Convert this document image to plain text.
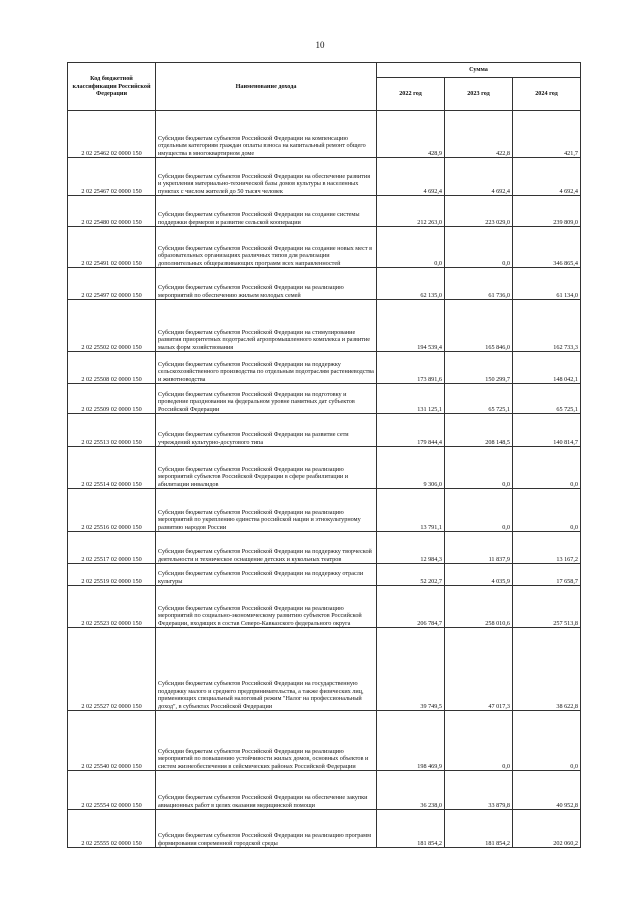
10
Код бюджетной классификации Российской Федерации	Наименование дохода	Сумма		
		2022 год	2023 год	2024 год
2 02 25462 02 0000 150	Субсидии бюджетам субъектов Российской Федерации на компенсацию отдельным категориям граждан оплаты взноса на капитальный ремонт общего имущества в многоквартирном доме	428,9	422,8	421,7
2 02 25467 02 0000 150	Субсидии бюджетам субъектов Российской Федерации на обеспечение развития и укрепления материально-технической базы домов культуры в населенных пунктах с числом жителей до 50 тысяч человек	4 692,4	4 692,4	4 692,4
2 02 25480 02 0000 150	Субсидии бюджетам субъектов Российской Федерации на создание системы поддержки фермеров и развитие сельской кооперации	212 263,0	223 029,0	239 809,0
2 02 25491 02 0000 150	Субсидии бюджетам субъектов Российской Федерации на создание новых мест в образовательных организациях различных типов для реализации дополнительных общеразвивающих программ всех направленностей	0,0	0,0	346 865,4
2 02 25497 02 0000 150	Субсидии бюджетам субъектов Российской Федерации на реализацию мероприятий по обеспечению жильем молодых семей	62 135,0	61 736,0	61 134,0
2 02 25502 02 0000 150	Субсидии бюджетам субъектов Российской Федерации на стимулирование развития приоритетных подотраслей агропромышленного комплекса и развитие малых форм хозяйствования	194 539,4	165 846,0	162 733,3
2 02 25508 02 0000 150	Субсидии бюджетам субъектов Российской Федерации на поддержку сельскохозяйственного производства по отдельным подотраслям растениеводства и животноводства	173 891,6	150 299,7	148 042,1
2 02 25509 02 0000 150	Субсидии бюджетам субъектов Российской Федерации на подготовку и проведение празднования на федеральном уровне памятных дат субъектов Российской Федерации	131 125,1	65 725,1	65 725,1
2 02 25513 02 0000 150	Субсидии бюджетам субъектов Российской Федерации на развитие сети учреждений культурно-досугового типа	179 844,4	208 148,5	140 814,7
2 02 25514 02 0000 150	Субсидии бюджетам субъектов Российской Федерации на реализацию мероприятий субъектов Российской Федерации в сфере реабилитации и абилитации инвалидов	9 306,0	0,0	0,0
2 02 25516 02 0000 150	Субсидии бюджетам субъектов Российской Федерации на реализацию мероприятий по укреплению единства российской нации и этнокультурному развитию народов России	13 791,1	0,0	0,0
2 02 25517 02 0000 150	Субсидии бюджетам субъектов Российской Федерации на поддержку творческой деятельности и техническое оснащение детских и кукольных театров	12 984,3	11 837,9	13 167,2
2 02 25519 02 0000 150	Субсидии бюджетам субъектов Российской Федерации на поддержку отрасли культуры	52 202,7	4 035,9	17 658,7
2 02 25523 02 0000 150	Субсидии бюджетам субъектов Российской Федерации на реализацию мероприятий по социально-экономическому развитию субъектов Российской Федерации, входящих в состав Северо-Кавказского федерального округа	206 784,7	258 010,6	257 513,8
2 02 25527 02 0000 150	Субсидии бюджетам субъектов Российской Федерации на государственную поддержку малого и среднего предпринимательства, а также физических лиц, применяющих специальный налоговый режим "Налог на профессиональный доход", в субъектах Российской Федерации	39 749,5	47 017,3	38 622,8
2 02 25540 02 0000 150	Субсидии бюджетам субъектов Российской Федерации на реализацию мероприятий по повышению устойчивости жилых домов, основных объектов и систем жизнеобеспечения в сейсмических районах Российской Федерации	198 469,9	0,0	0,0
2 02 25554 02 0000 150	Субсидии бюджетам субъектов Российской Федерации на обеспечение закупки авиационных работ в целях оказания медицинской помощи	36 238,0	33 879,8	40 952,8
2 02 25555 02 0000 150	Субсидии бюджетам субъектов Российской Федерации на реализацию программ формирования современной городской среды	181 854,2	181 854,2	202 060,2
